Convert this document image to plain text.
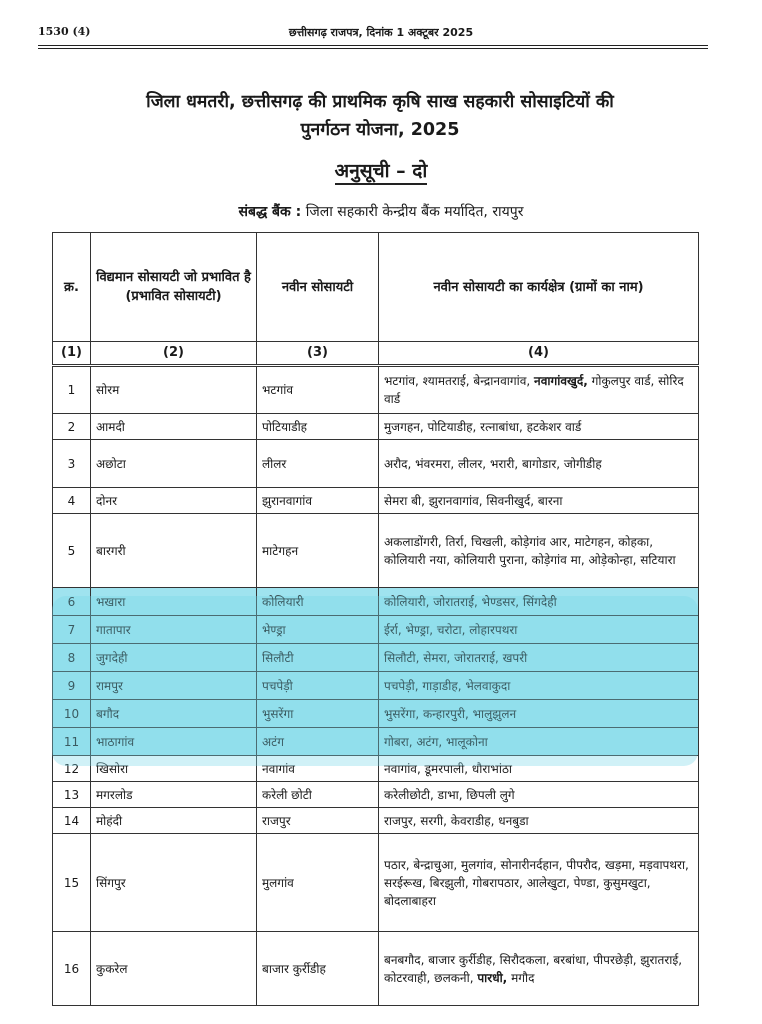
1530 (4)	छत्तीसगढ़ राजपत्र, दिनांक 1 अक्टूबर 2025
जिला धमतरी, छत्तीसगढ़ की प्राथमिक कृषि साख सहकारी सोसाइटियों की
पुनर्गठन योजना, 2025
अनुसूची – दो
संबद्ध बैंक : जिला सहकारी केन्द्रीय बैंक मर्यादित, रायपुर
क्र.	विद्यमान सोसायटी जो प्रभावित है (प्रभावित सोसायटी)	नवीन सोसायटी	नवीन सोसायटी का कार्यक्षेत्र (ग्रामों का नाम)
(1)	(2)	(3)	(4)
1	सोरम	भटगांव	भटगांव, श्यामतराई, बेन्द्रानवागांव, नवागांवखुर्द, गोकुलपुर वार्ड, सोरिद वार्ड
2	आमदी	पोटियाडीह	मुजगहन, पोटियाडीह, रत्नाबांधा, हटकेशर वार्ड
3	अछोटा	लीलर	अरौद, भंवरमरा, लीलर, भरारी, बागोडार, जोगीडीह
4	दोनर	झुरानवागांव	सेमरा बी, झुरानवागांव, सिवनीखुर्द, बारना
5	बारगरी	माटेगहन	अकलाडोंगरी, तिर्रा, चिखली, कोड़ेगांव आर, माटेगहन, कोहका, कोलियारी नया, कोलियारी पुराना, कोड़ेगांव मा, ओड़ेकोन्हा, सटियारा
6	भखारा	कोलियारी	कोलियारी, जोरातराई, भेण्डसर, सिंगदेही
7	गातापार	भेण्ड्रा	ईर्रा, भेण्ड्रा, चरोटा, लोहारपथरा
8	जुगदेही	सिलौटी	सिलौटी, सेमरा, जोरातराई, खपरी
9	रामपुर	पचपेड़ी	पचपेड़ी, गाड़ाडीह, भेलवाकुदा
10	बगौद	भुसरेंगा	भुसरेंगा, कन्हारपुरी, भालुझुलन
11	भाठागांव	अटंग	गोबरा, अटंग, भालूकोना
12	खिसोरा	नवागांव	नवागांव, डूमरपाली, धौराभांठा
13	मगरलोड	करेली छोटी	करेलीछोटी, डाभा, छिपली लुगे
14	मोहंदी	राजपुर	राजपुर, सरगी, केवराडीह, धनबुडा
15	सिंगपुर	मुलगांव	पठार, बेन्द्राचुआ, मुलगांव, सोनारीनर्दहान, पीपरौद, खड़मा, मड़वापथरा, सरईरूख, बिरझुली, गोबरापठार, आलेखुटा, पेण्डा, कुसुमखुटा, बोदलाबाहरा
16	कुकरेल	बाजार कुर्रीडीह	बनबगौद, बाजार कुर्रीडीह, सिरौदकला, बरबांधा, पीपरछेड़ी, झुरातराई, कोटरवाही, छलकनी, पारधी, मगौद
